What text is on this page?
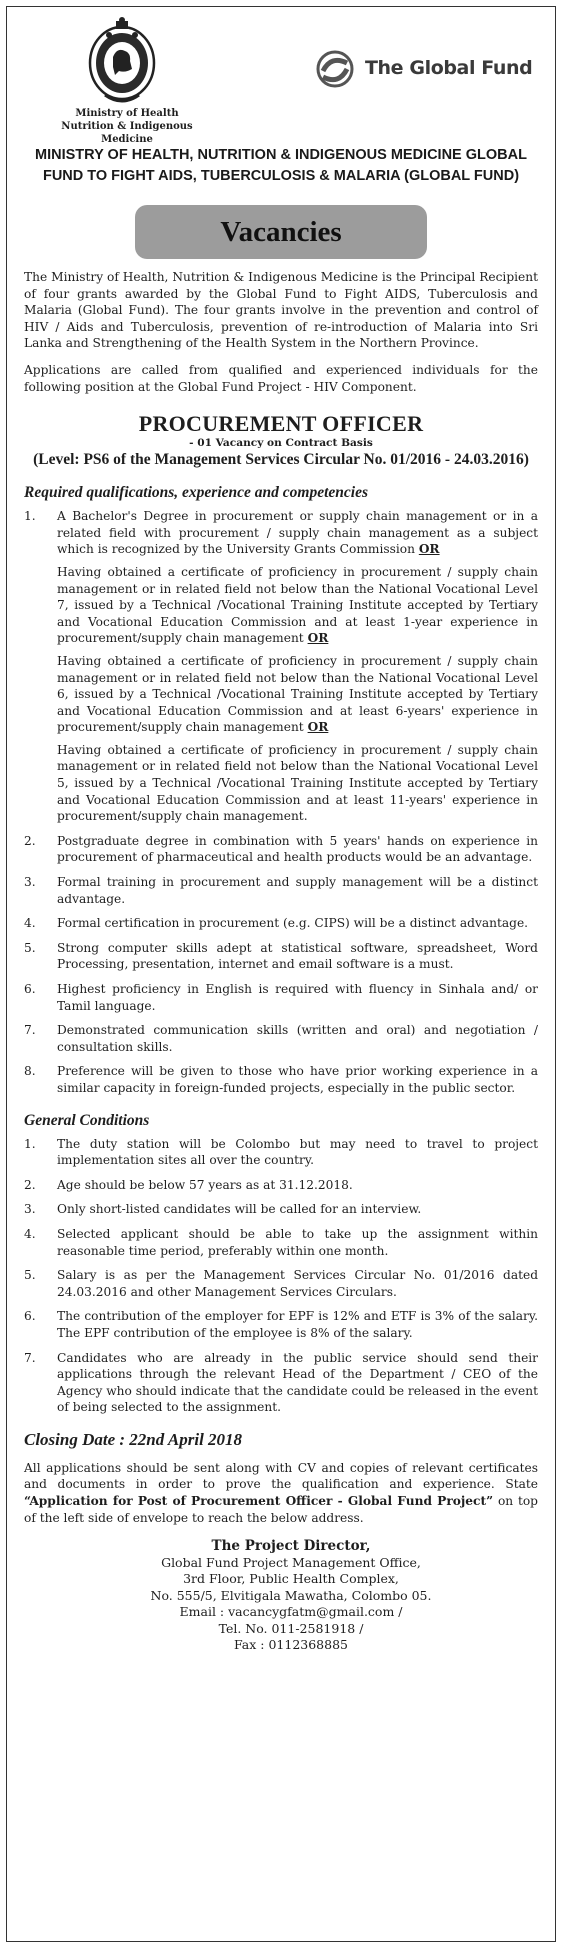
Ministry of Health
Nutrition & Indigenous Medicine
The Global Fund
MINISTRY OF HEALTH, NUTRITION & INDIGENOUS MEDICINE GLOBAL FUND TO FIGHT AIDS, TUBERCULOSIS & MALARIA (GLOBAL FUND)
Vacancies

The Ministry of Health, Nutrition & Indigenous Medicine is the Principal Recipient of four grants awarded by the Global Fund to Fight AIDS, Tuberculosis and Malaria (Global Fund). The four grants involve in the prevention and control of HIV / Aids and Tuberculosis, prevention of re-introduction of Malaria into Sri Lanka and Strengthening of the Health System in the Northern Province.

Applications are called from qualified and experienced individuals for the following position at the Global Fund Project - HIV Component.

PROCUREMENT OFFICER
- 01 Vacancy on Contract Basis
(Level: PS6 of the Management Services Circular No. 01/2016 - 24.03.2016)
Required qualifications, experience and competencies
1. A Bachelor's Degree in procurement or supply chain management or in a related field with procurement / supply chain management as a subject which is recognized by the University Grants Commission OR
Having obtained a certificate of proficiency in procurement / supply chain management or in related field not below than the National Vocational Level 7, issued by a Technical /Vocational Training Institute accepted by Tertiary and Vocational Education Commission and at least 1-year experience in procurement/supply chain management OR
Having obtained a certificate of proficiency in procurement / supply chain management or in related field not below than the National Vocational Level 6, issued by a Technical /Vocational Training Institute accepted by Tertiary and Vocational Education Commission and at least 6-years' experience in procurement/supply chain management OR
Having obtained a certificate of proficiency in procurement / supply chain management or in related field not below than the National Vocational Level 5, issued by a Technical /Vocational Training Institute accepted by Tertiary and Vocational Education Commission and at least 11-years' experience in procurement/supply chain management.
2. Postgraduate degree in combination with 5 years' hands on experience in procurement of pharmaceutical and health products would be an advantage.
3. Formal training in procurement and supply management will be a distinct advantage.
4. Formal certification in procurement (e.g. CIPS) will be a distinct advantage.
5. Strong computer skills adept at statistical software, spreadsheet, Word Processing, presentation, internet and email software is a must.
6. Highest proficiency in English is required with fluency in Sinhala and/ or Tamil language.
7. Demonstrated communication skills (written and oral) and negotiation / consultation skills.
8. Preference will be given to those who have prior working experience in a similar capacity in foreign-funded projects, especially in the public sector.
General Conditions
1. The duty station will be Colombo but may need to travel to project implementation sites all over the country.
2. Age should be below 57 years as at 31.12.2018.
3. Only short-listed candidates will be called for an interview.
4. Selected applicant should be able to take up the assignment within reasonable time period, preferably within one month.
5. Salary is as per the Management Services Circular No. 01/2016 dated 24.03.2016 and other Management Services Circulars.
6. The contribution of the employer for EPF is 12% and ETF is 3% of the salary. The EPF contribution of the employee is 8% of the salary.
7. Candidates who are already in the public service should send their applications through the relevant Head of the Department / CEO of the Agency who should indicate that the candidate could be released in the event of being selected to the assignment.
Closing Date : 22nd April 2018

All applications should be sent along with CV and copies of relevant certificates and documents in order to prove the qualification and experience. State “Application for Post of Procurement Officer - Global Fund Project” on top of the left side of envelope to reach the below address.

The Project Director,
Global Fund Project Management Office,
3rd Floor, Public Health Complex,
No. 555/5, Elvitigala Mawatha, Colombo 05.
Email : vacancygfatm@gmail.com /
Tel. No. 011-2581918 /
Fax : 0112368885
